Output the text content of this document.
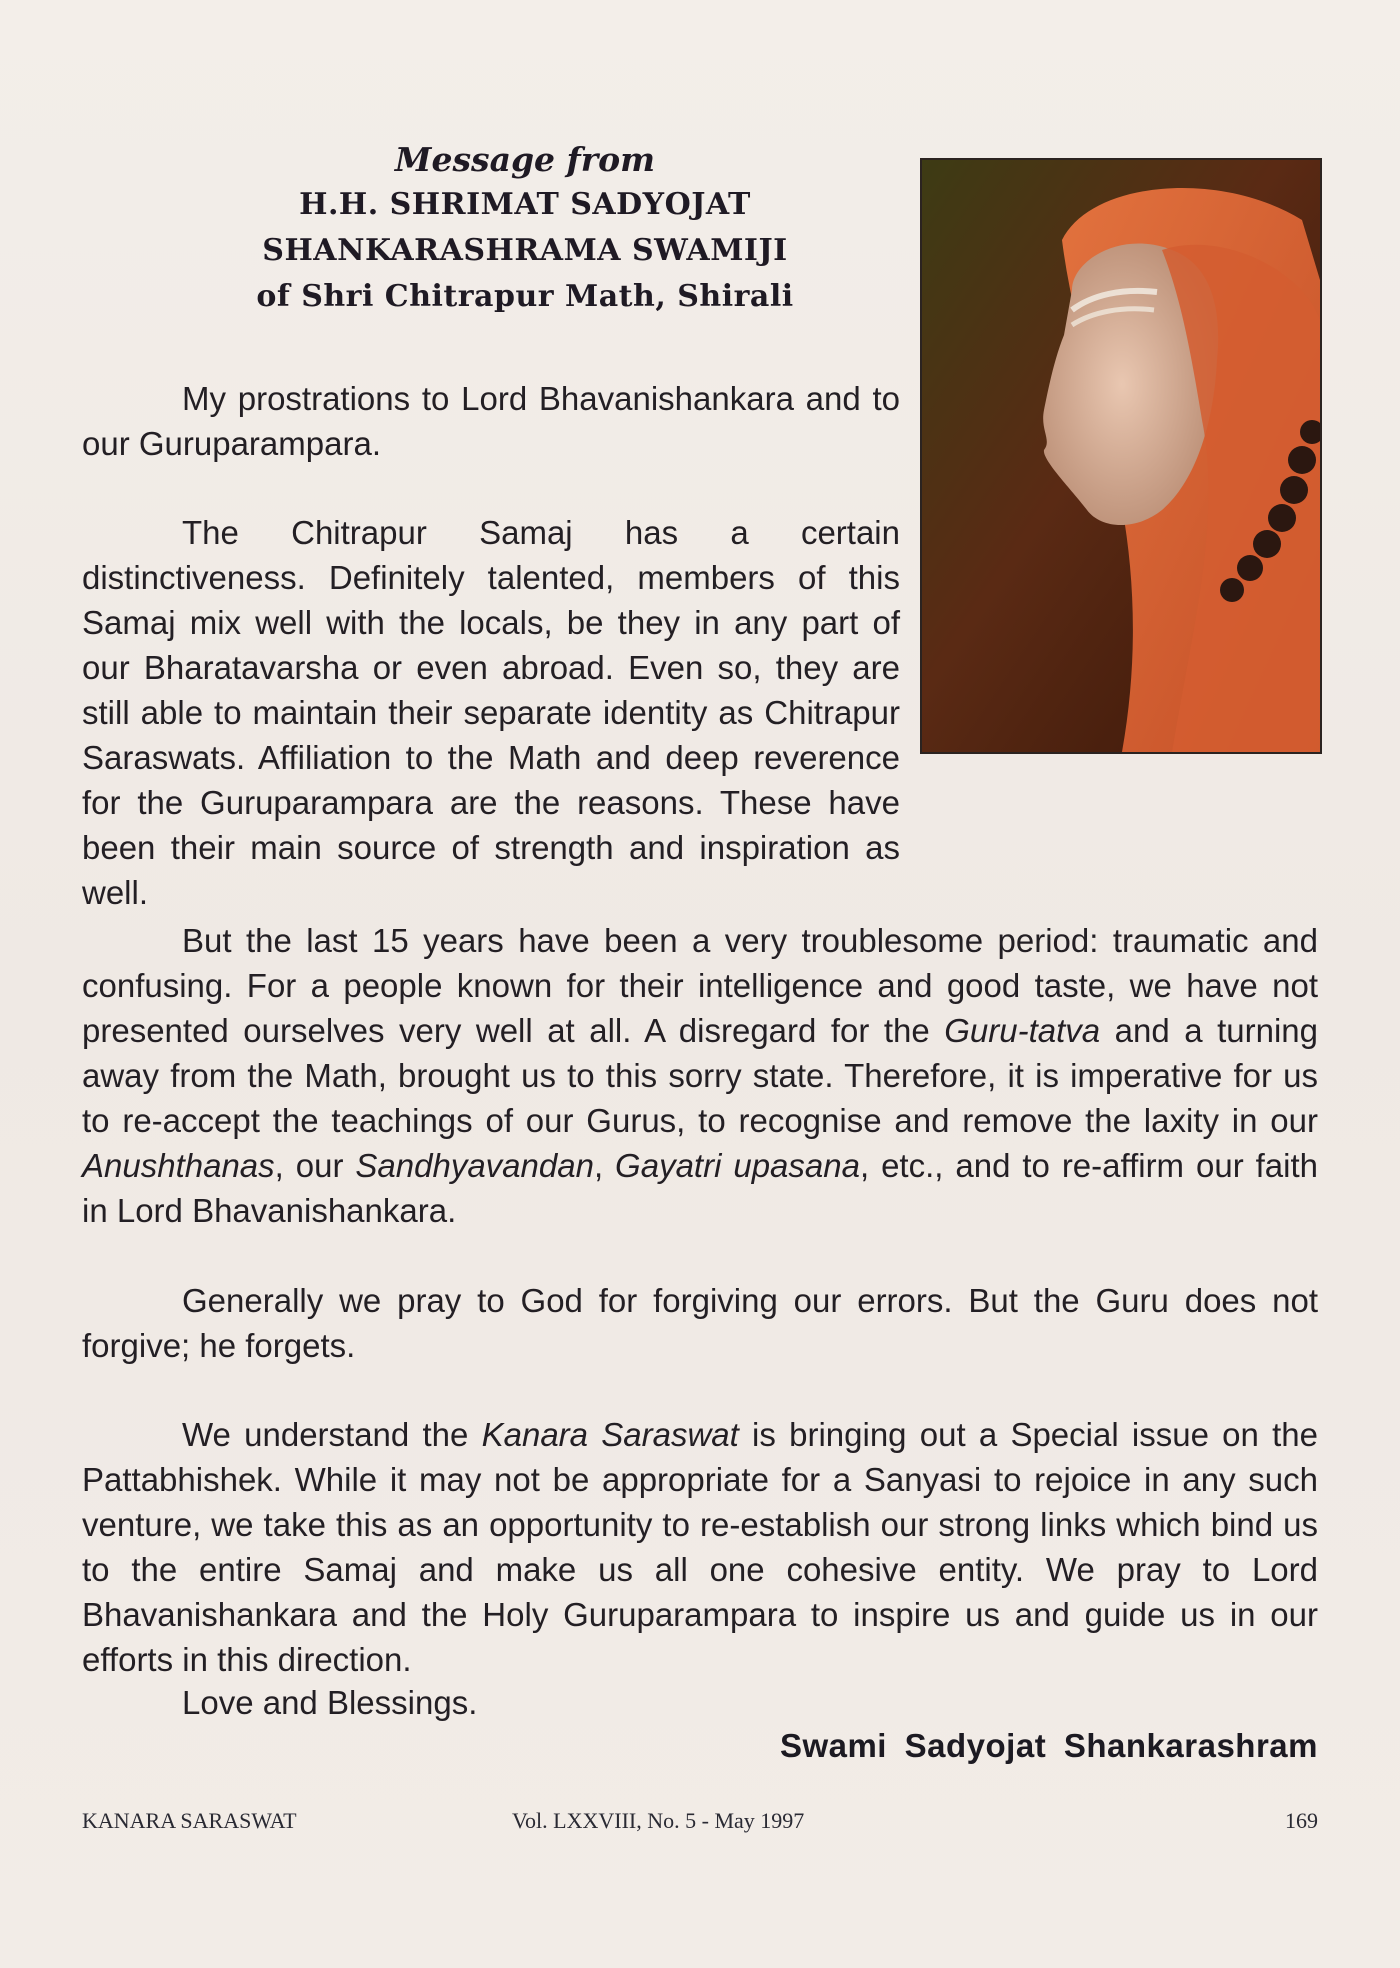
Message from
H.H. SHRIMAT SADYOJAT
SHANKARASHRAMA SWAMIJI
of Shri Chitrapur Math, Shirali

My prostrations to Lord Bhavanishankara and to our Guruparampara.

The Chitrapur Samaj has a certain distinctiveness. Definitely talented, members of this Samaj mix well with the locals, be they in any part of our Bharatavarsha or even abroad. Even so, they are still able to maintain their separate identity as Chitrapur Saraswats. Affiliation to the Math and deep reverence for the Guruparampara are the reasons. These have been their main source of strength and inspiration as well.

But the last 15 years have been a very troublesome period: traumatic and confusing. For a people known for their intelligence and good taste, we have not presented ourselves very well at all. A disregard for the Guru-tatva and a turning away from the Math, brought us to this sorry state. Therefore, it is imperative for us to re-accept the teachings of our Gurus, to recognise and remove the laxity in our Anushthanas, our Sandhyavandan, Gayatri upasana, etc., and to re-affirm our faith in Lord Bhavanishankara.

Generally we pray to God for forgiving our errors. But the Guru does not forgive; he forgets.

We understand the Kanara Saraswat is bringing out a Special issue on the Pattabhishek. While it may not be appropriate for a Sanyasi to rejoice in any such venture, we take this as an opportunity to re-establish our strong links which bind us to the entire Samaj and make us all one cohesive entity. We pray to Lord Bhavanishankara and the Holy Guruparampara to inspire us and guide us in our efforts in this direction.

Love and Blessings.
Swami Sadyojat Shankarashram
KANARA SARASWAT	Vol. LXXVIII, No. 5 - May 1997	169
